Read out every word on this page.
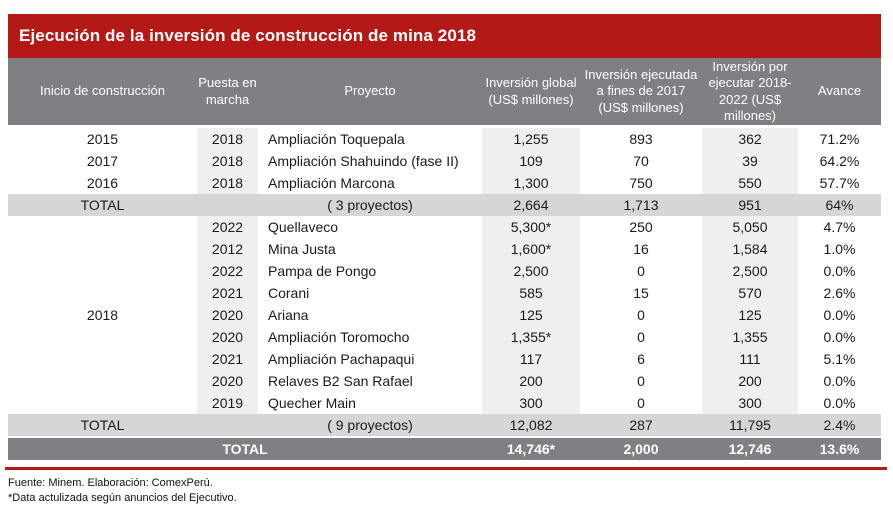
Ejecución de la inversión de construcción de mina 2018
Inicio de construcción	Puesta en marcha	Proyecto	Inversión global (US$ millones)	Inversión ejecutada a fines de 2017 (US$ millones)	Inversión por ejecutar 2018-2022 (US$ millones)	Avance

2015	2018	Ampliación Toquepala	1,255	893	362	71.2%
2017	2018	Ampliación Shahuindo (fase II)	109	70	39	64.2%
2016	2018	Ampliación Marcona	1,300	750	550	57.7%
TOTAL		( 3 proyectos)	2,664	1,713	951	64%
2018	2022	Quellaveco	5,300*	250	5,050	4.7%
	2012	Mina Justa	1,600*	16	1,584	1.0%
	2022	Pampa de Pongo	2,500	0	2,500	0.0%
	2021	Corani	585	15	570	2.6%
	2020	Ariana	125	0	125	0.0%
	2020	Ampliación Toromocho	1,355*	0	1,355	0.0%
	2021	Ampliación Pachapaqui	117	6	111	5.1%
	2020	Relaves B2 San Rafael	200	0	200	0.0%
	2019	Quecher Main	300	0	300	0.0%
TOTAL		( 9 proyectos)	12,082	287	11,795	2.4%

TOTAL			14,746*	2,000	12,746	13.6%

Fuente: Minem. Elaboración: ComexPerú.

*Data actulizada según anuncios del Ejecutivo.
